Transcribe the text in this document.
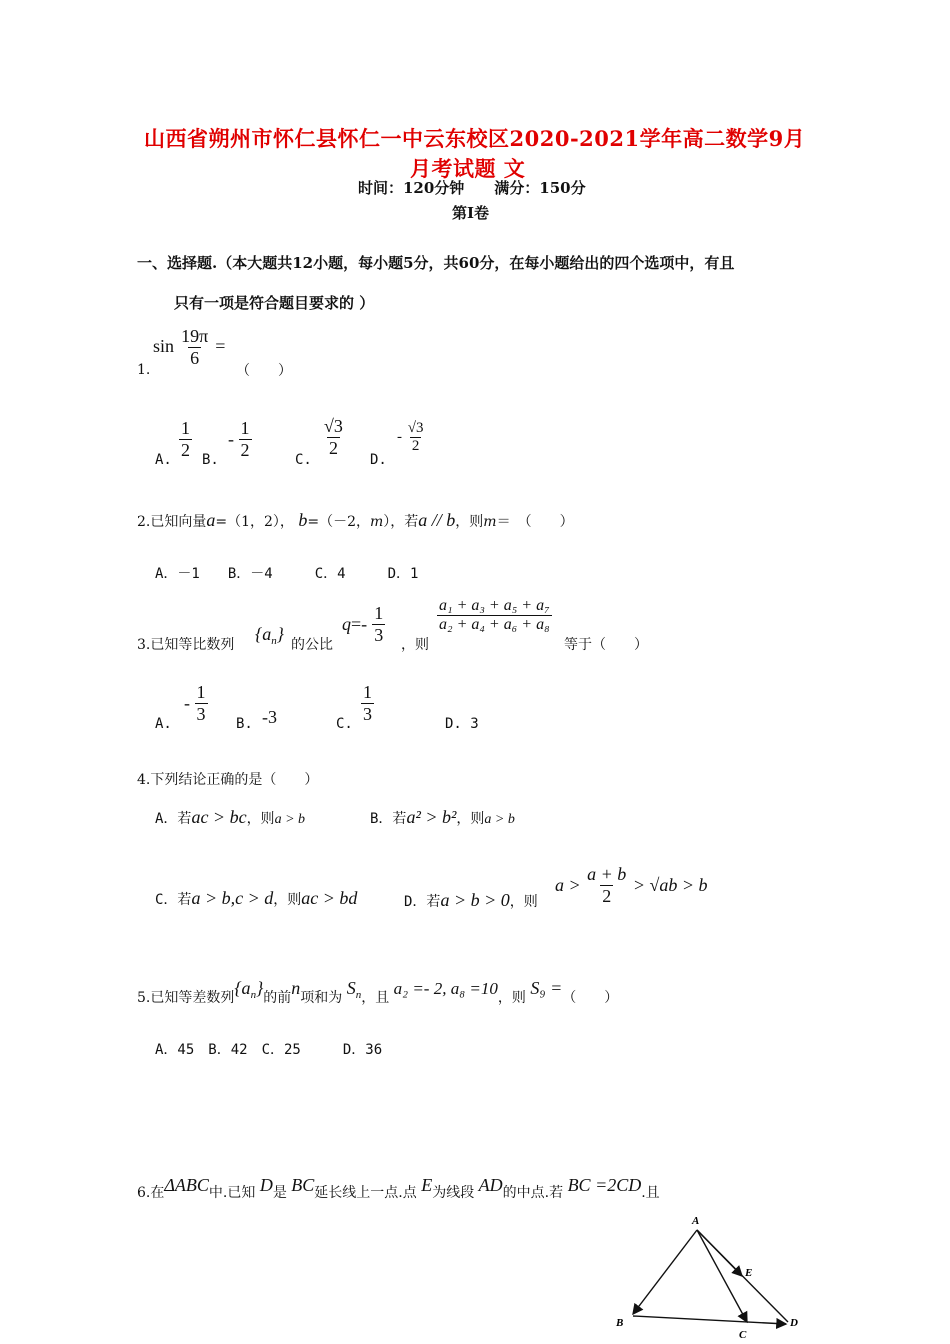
山西省朔州市怀仁县怀仁一中云东校区2020-2021学年高二数学9月
月考试题 文
时间：120分钟　　满分：150分
第Ⅰ卷
一、选择题.（本大题共12小题，每小题5分，共60分，在每小题给出的四个选项中，有且
只有一项是符合题目要求的 ）
$\sin \frac{19\pi}{6}$ =
1.	（　　）
A. $\frac{1}{2} B$.
- $\frac{1}{2}$	C.
$\frac{√3}{2}$
D.
- $\frac{√3}{2}$
2.已知向量a=（1，2）， b=（－2，m），若a // b，则m＝　（　　）
A．－1　　B．－4　　　C．4　　　D．1
3.已知等比数列
$\{a_n\}$
的公比
$q=- \frac{1}{3}$ ，则
$\frac{\text{a₁ + a₃ + a₅ + a₇}}{\text{a₂ + a₄ + a₆ + a₈}}$
等于（　　）
A.
- $\frac{1}{3} B$. -3	C. $\frac{1}{3}$	D. 3
4.下列结论正确的是（　　）
A．若ac > bc，则a > b	B．若a² > b²，则a > b
C．若a > b,c > d，则ac > bd	D．若a > b > 0，则
$a > \frac{a + b}{2} > √ab > b$
5.已知等差数列$\{a_n\}$的前n项和为 $S_n$，且 a₂ =- 2, a₈ =10，则 S₉ =（　　）
A．45　B．42　C．25　　　D．36
6.在ΔABC中.已知 D是 BC延长线上一点.点 E为线段 AD的中点.若 BC =2CD.且
A
B
C
D
E
